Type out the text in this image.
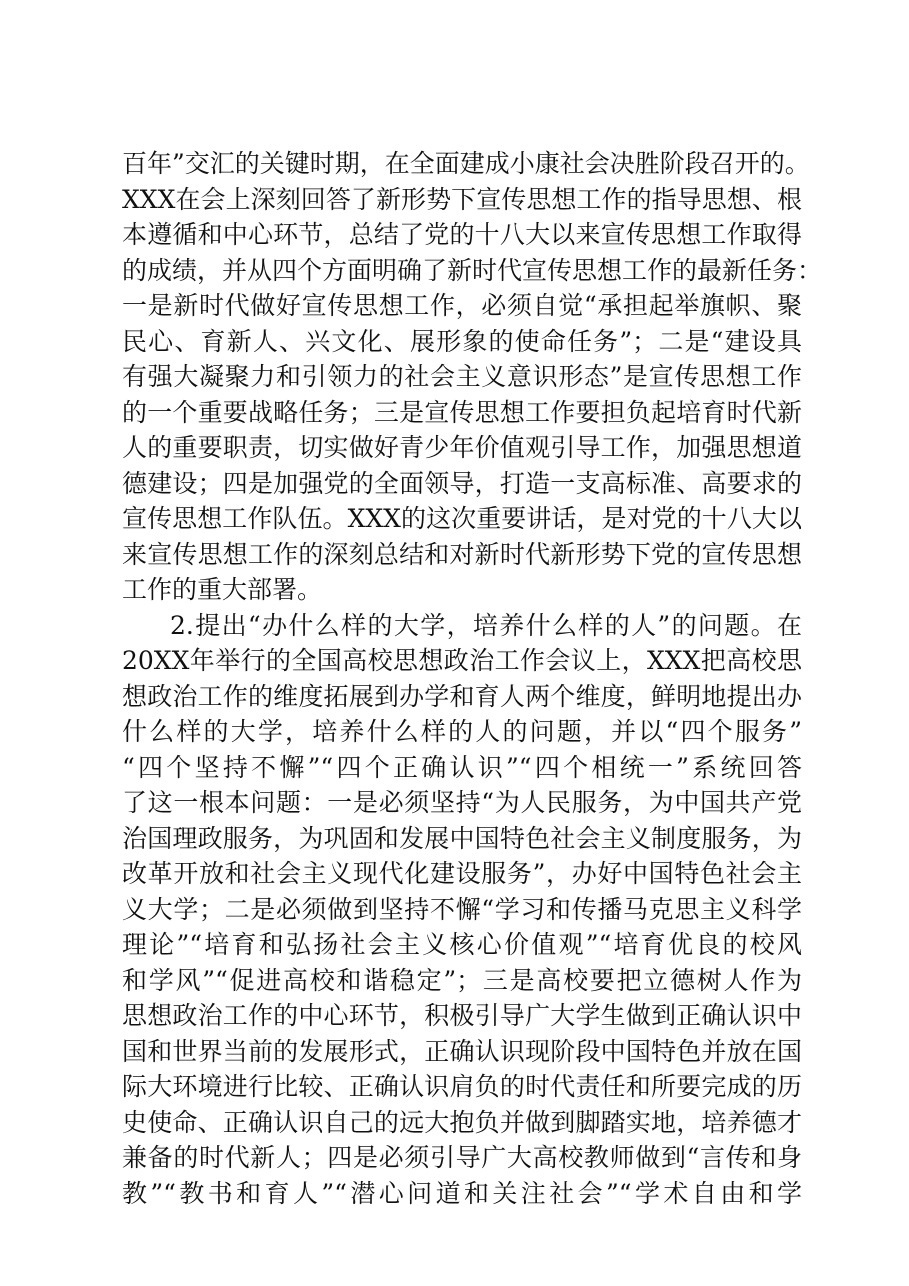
百年”交汇的关键时期，在全面建成小康社会决胜阶段召开的。
XXX在会上深刻回答了新形势下宣传思想工作的指导思想、根
本遵循和中心环节，总结了党的十八大以来宣传思想工作取得
的成绩，并从四个方面明确了新时代宣传思想工作的最新任务：
一是新时代做好宣传思想工作，必须自觉“承担起举旗帜、聚
民心、育新人、兴文化、展形象的使命任务”；二是“建设具
有强大凝聚力和引领力的社会主义意识形态”是宣传思想工作
的一个重要战略任务；三是宣传思想工作要担负起培育时代新
人的重要职责，切实做好青少年价值观引导工作，加强思想道
德建设；四是加强党的全面领导，打造一支高标准、高要求的
宣传思想工作队伍。XXX的这次重要讲话，是对党的十八大以
来宣传思想工作的深刻总结和对新时代新形势下党的宣传思想
工作的重大部署。
2.提出“办什么样的大学，培养什么样的人”的问题。在
20XX年举行的全国高校思想政治工作会议上，XXX把高校思
想政治工作的维度拓展到办学和育人两个维度，鲜明地提出办
什么样的大学，培养什么样的人的问题，并以“四个服务”
“四个坚持不懈”“四个正确认识”“四个相统一”系统回答
了这一根本问题：一是必须坚持“为人民服务，为中国共产党
治国理政服务，为巩固和发展中国特色社会主义制度服务，为
改革开放和社会主义现代化建设服务”，办好中国特色社会主
义大学；二是必须做到坚持不懈“学习和传播马克思主义科学
理论”“培育和弘扬社会主义核心价值观”“培育优良的校风
和学风”“促进高校和谐稳定”；三是高校要把立德树人作为
思想政治工作的中心环节，积极引导广大学生做到正确认识中
国和世界当前的发展形式，正确认识现阶段中国特色并放在国
际大环境进行比较、正确认识肩负的时代责任和所要完成的历
史使命、正确认识自己的远大抱负并做到脚踏实地，培养德才
兼备的时代新人；四是必须引导广大高校教师做到“言传和身
教”“教书和育人”“潜心问道和关注社会”“学术自由和学
